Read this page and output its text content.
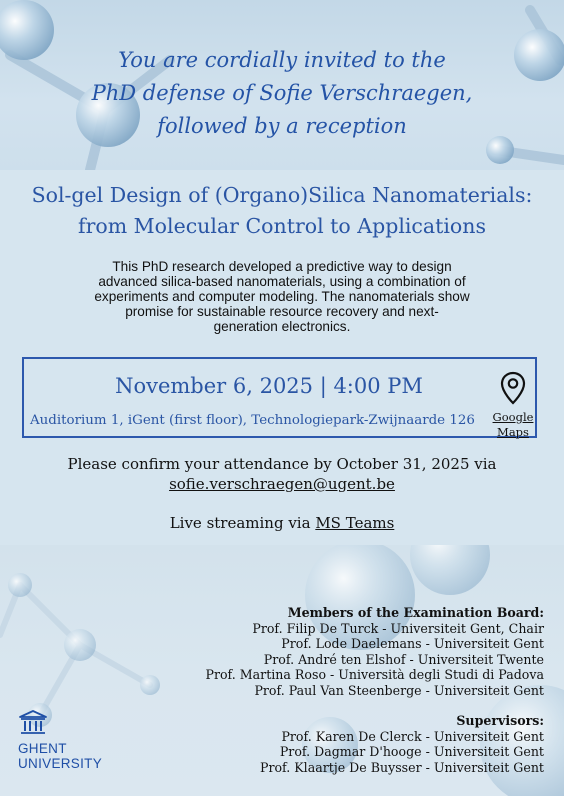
You are cordially invited to the
PhD defense of Sofie Verschraegen,
followed by a reception
Sol-gel Design of (Organo)Silica Nanomaterials:
from Molecular Control to Applications
This PhD research developed a predictive way to design
advanced silica-based nanomaterials, using a combination of
experiments and computer modeling. The nanomaterials show
promise for sustainable resource recovery and next-
generation electronics.
November 6, 2025 | 4:00 PM
Auditorium 1, iGent (first floor), Technologiepark-Zwijnaarde 126	Google
Maps
Please confirm your attendance by October 31, 2025 via
sofie.verschraegen@ugent.be
Live streaming via MS Teams
Members of the Examination Board:
Prof. Filip De Turck - Universiteit Gent, Chair
Prof. Lode Daelemans - Universiteit Gent
Prof. André ten Elshof - Universiteit Twente
Prof. Martina Roso - Università degli Studi di Padova
Prof. Paul Van Steenberge - Universiteit Gent
Supervisors:
Prof. Karen De Clerck - Universiteit Gent
Prof. Dagmar D'hooge - Universiteit Gent
Prof. Klaartje De Buysser - Universiteit Gent
GHENT
UNIVERSITY
